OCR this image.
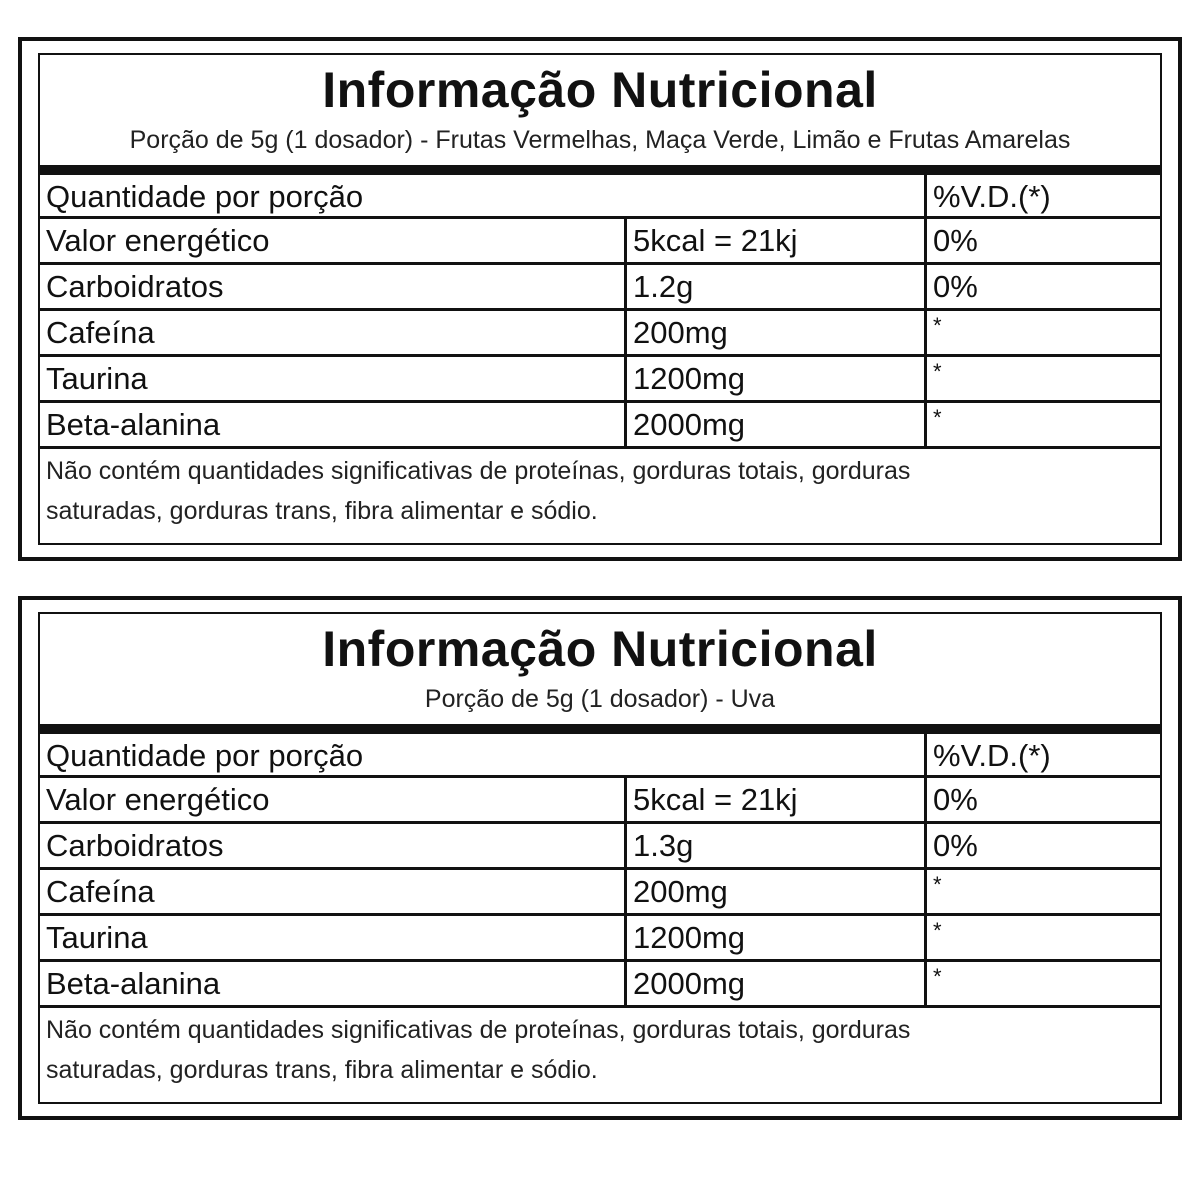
Informação Nutricional
Porção de 5g (1 dosador) - Frutas Vermelhas, Maça Verde, Limão e Frutas Amarelas
Quantidade por porção	%V.D.(*)
Valor energético	5kcal = 21kj	0%
Carboidratos	1.2g	0%
Cafeína	200mg	*
Taurina	1200mg	*
Beta-alanina	2000mg	*
Não contém quantidades significativas de proteínas, gorduras totais, gorduras
saturadas, gorduras trans, fibra alimentar e sódio.
Informação Nutricional
Porção de 5g (1 dosador) - Uva
Quantidade por porção	%V.D.(*)
Valor energético	5kcal = 21kj	0%
Carboidratos	1.3g	0%
Cafeína	200mg	*
Taurina	1200mg	*
Beta-alanina	2000mg	*
Não contém quantidades significativas de proteínas, gorduras totais, gorduras
saturadas, gorduras trans, fibra alimentar e sódio.
